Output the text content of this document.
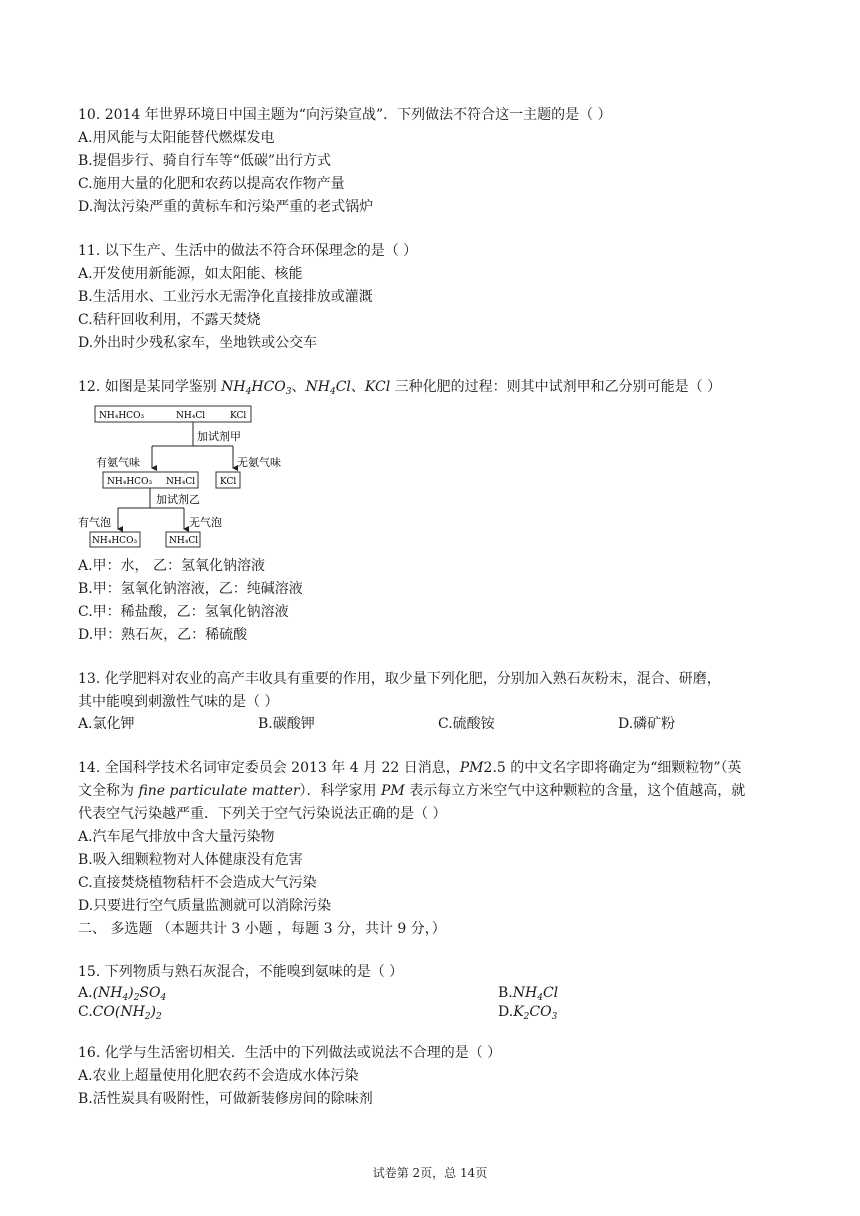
10. 2014 年世界环境日中国主题为“向污染宣战”．下列做法不符合这一主题的是（ ）
A.用风能与太阳能替代燃煤发电
B.提倡步行、骑自行车等“低碳”出行方式
C.施用大量的化肥和农药以提高农作物产量
D.淘汰污染严重的黄标车和污染严重的老式锅炉
11. 以下生产、生活中的做法不符合环保理念的是（ ）
A.开发使用新能源，如太阳能、核能
B.生活用水、工业污水无需净化直接排放或灌溉
C.秸秆回收利用，不露天焚烧
D.外出时少残私家车，坐地铁或公交车
12. 如图是某同学鉴别 $NH_4HCO_3$、$NH_4Cl$、KCl 三种化肥的过程：则其中试剂甲和乙分别可能是（ ）
NH₄HCO₃	NH₄Cl	KCl
加试剂甲
有氨气味	无氨气味
NH₄HCO₃ NH₄Cl	KCl
加试剂乙
有气泡	无气泡
NH₄HCO₃	NH₄Cl
A.甲：水， 乙：氢氧化钠溶液
B.甲：氢氧化钠溶液，乙：纯碱溶液
C.甲：稀盐酸，乙：氢氧化钠溶液
D.甲：熟石灰，乙：稀硫酸
13. 化学肥料对农业的高产丰收具有重要的作用，取少量下列化肥，分别加入熟石灰粉末，混合、研磨，
其中能嗅到刺激性气味的是（ ）
A.氯化钾	B.碳酸钾	C.硫酸铵	D.磷矿粉
14. 全国科学技术名词审定委员会 2013 年 4 月 22 日消息，PM2.5 的中文名字即将确定为“细颗粒物”（英
文全称为 fine particulate matter）．科学家用 PM 表示每立方米空气中这种颗粒的含量，这个值越高，就
代表空气污染越严重．下列关于空气污染说法正确的是（ ）
A.汽车尾气排放中含大量污染物
B.吸入细颗粒物对人体健康没有危害
C.直接焚烧植物秸杆不会造成大气污染
D.只要进行空气质量监测就可以消除污染
二、 多选题 （本题共计 3 小题 ，每题 3 分，共计 9 分，）
15. 下列物质与熟石灰混合，不能嗅到氨味的是（ ）
$A.(NH_4)_2SO_4$	$B.NH_4Cl$
$C.CO(NH_2)_2$	$D.K_2CO_3$
16. 化学与生活密切相关．生活中的下列做法或说法不合理的是（ ）
A.农业上超量使用化肥农药不会造成水体污染
B.活性炭具有吸附性，可做新装修房间的除味剂
试卷第 2页，总 14页
